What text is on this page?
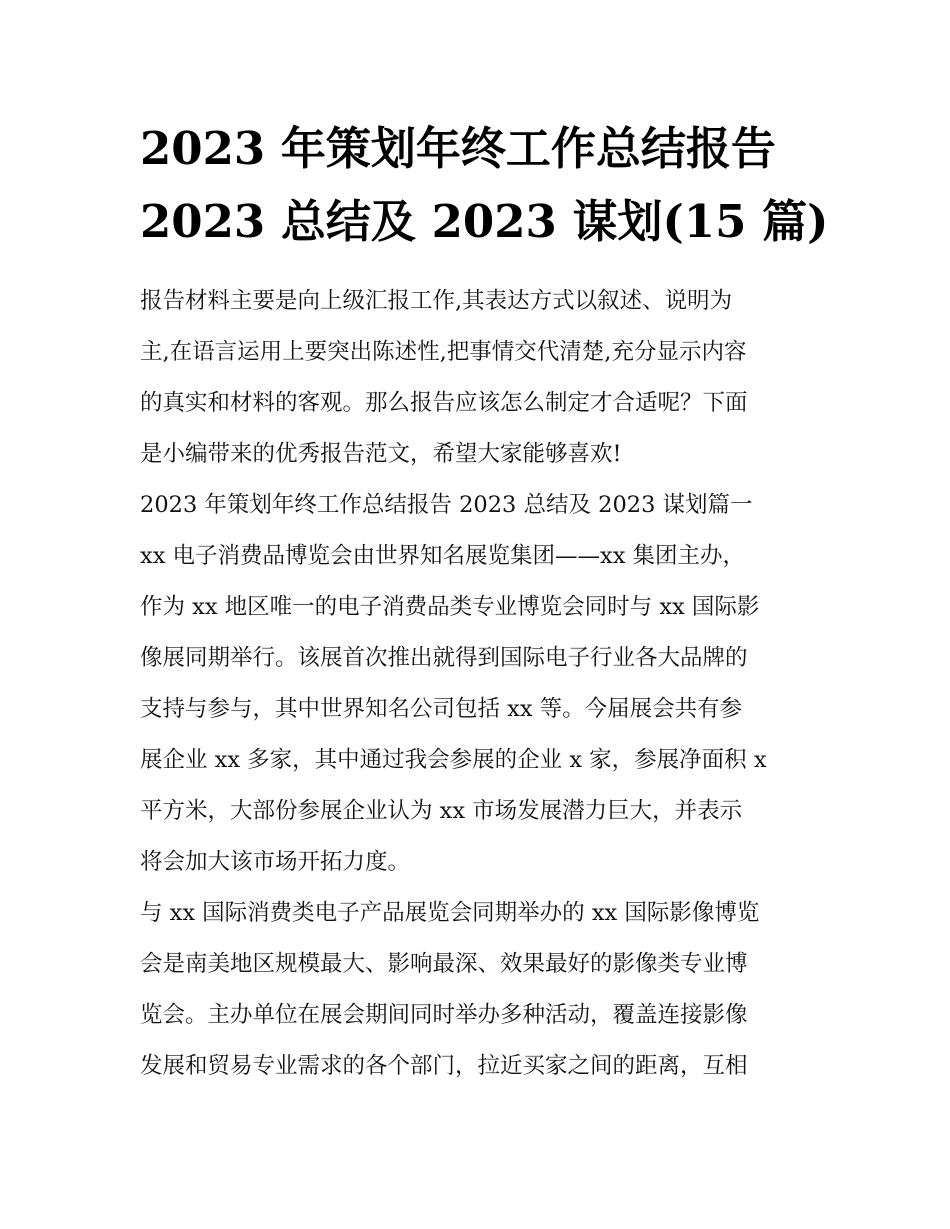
2023 年策划年终工作总结报告
2023 总结及 2023 谋划(15 篇)
报告材料主要是向上级汇报工作,其表达方式以叙述、说明为
主,在语言运用上要突出陈述性,把事情交代清楚,充分显示内容
的真实和材料的客观。那么报告应该怎么制定才合适呢？下面
是小编带来的优秀报告范文，希望大家能够喜欢!
2023 年策划年终工作总结报告 2023 总结及 2023 谋划篇一
xx 电子消费品博览会由世界知名展览集团——xx 集团主办，
作为 xx 地区唯一的电子消费品类专业博览会同时与 xx 国际影
像展同期举行。该展首次推出就得到国际电子行业各大品牌的
支持与参与，其中世界知名公司包括 xx 等。今届展会共有参
展企业 xx 多家，其中通过我会参展的企业 x 家，参展净面积 x
平方米，大部份参展企业认为 xx 市场发展潜力巨大，并表示
将会加大该市场开拓力度。
与 xx 国际消费类电子产品展览会同期举办的 xx 国际影像博览
会是南美地区规模最大、影响最深、效果最好的影像类专业博
览会。主办单位在展会期间同时举办多种活动，覆盖连接影像
发展和贸易专业需求的各个部门，拉近买家之间的距离，互相
